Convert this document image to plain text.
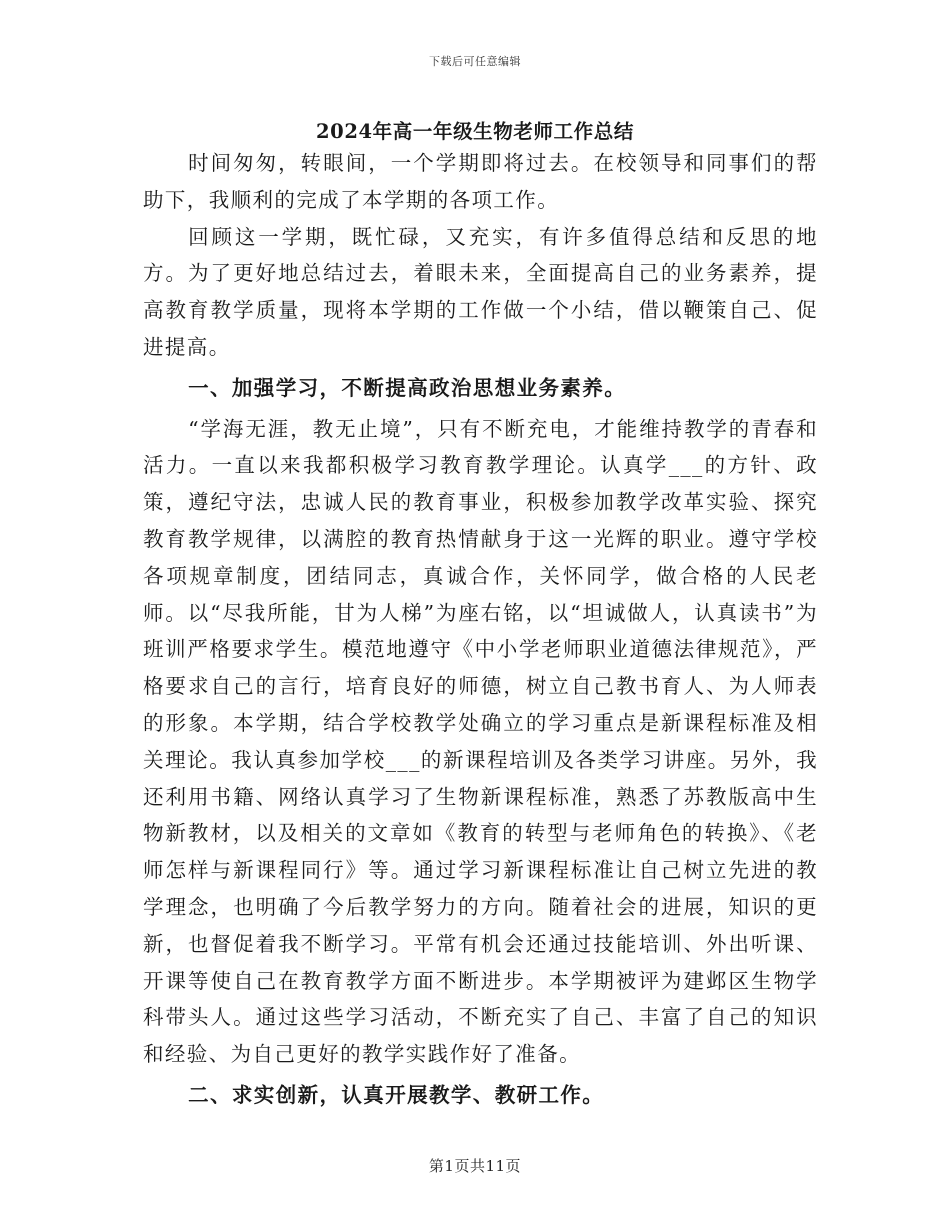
下载后可任意编辑
2024年高一年级生物老师工作总结

时间匆匆，转眼间，一个学期即将过去。在校领导和同事们的帮助下，我顺利的完成了本学期的各项工作。

回顾这一学期，既忙碌，又充实，有许多值得总结和反思的地方。为了更好地总结过去，着眼未来，全面提高自己的业务素养，提高教育教学质量，现将本学期的工作做一个小结，借以鞭策自己、促进提高。

一、加强学习，不断提高政治思想业务素养。

“学海无涯，教无止境”，只有不断充电，才能维持教学的青春和活力。一直以来我都积极学习教育教学理论。认真学___的方针、政策，遵纪守法，忠诚人民的教育事业，积极参加教学改革实验、探究教育教学规律，以满腔的教育热情献身于这一光辉的职业。遵守学校各项规章制度，团结同志，真诚合作，关怀同学，做合格的人民老师。以“尽我所能，甘为人梯”为座右铭，以“坦诚做人，认真读书”为班训严格要求学生。模范地遵守《中小学老师职业道德法律规范》，严格要求自己的言行，培育良好的师德，树立自己教书育人、为人师表的形象。本学期，结合学校教学处确立的学习重点是新课程标准及相关理论。我认真参加学校___的新课程培训及各类学习讲座。另外，我还利用书籍、网络认真学习了生物新课程标准，熟悉了苏教版高中生物新教材，以及相关的文章如《教育的转型与老师角色的转换》、《老师怎样与新课程同行》等。通过学习新课程标准让自己树立先进的教学理念，也明确了今后教学努力的方向。随着社会的进展，知识的更新，也督促着我不断学习。平常有机会还通过技能培训、外出听课、开课等使自己在教育教学方面不断进步。本学期被评为建邺区生物学科带头人。通过这些学习活动，不断充实了自己、丰富了自己的知识和经验、为自己更好的教学实践作好了准备。

二、求实创新，认真开展教学、教研工作。
第1页共11页
